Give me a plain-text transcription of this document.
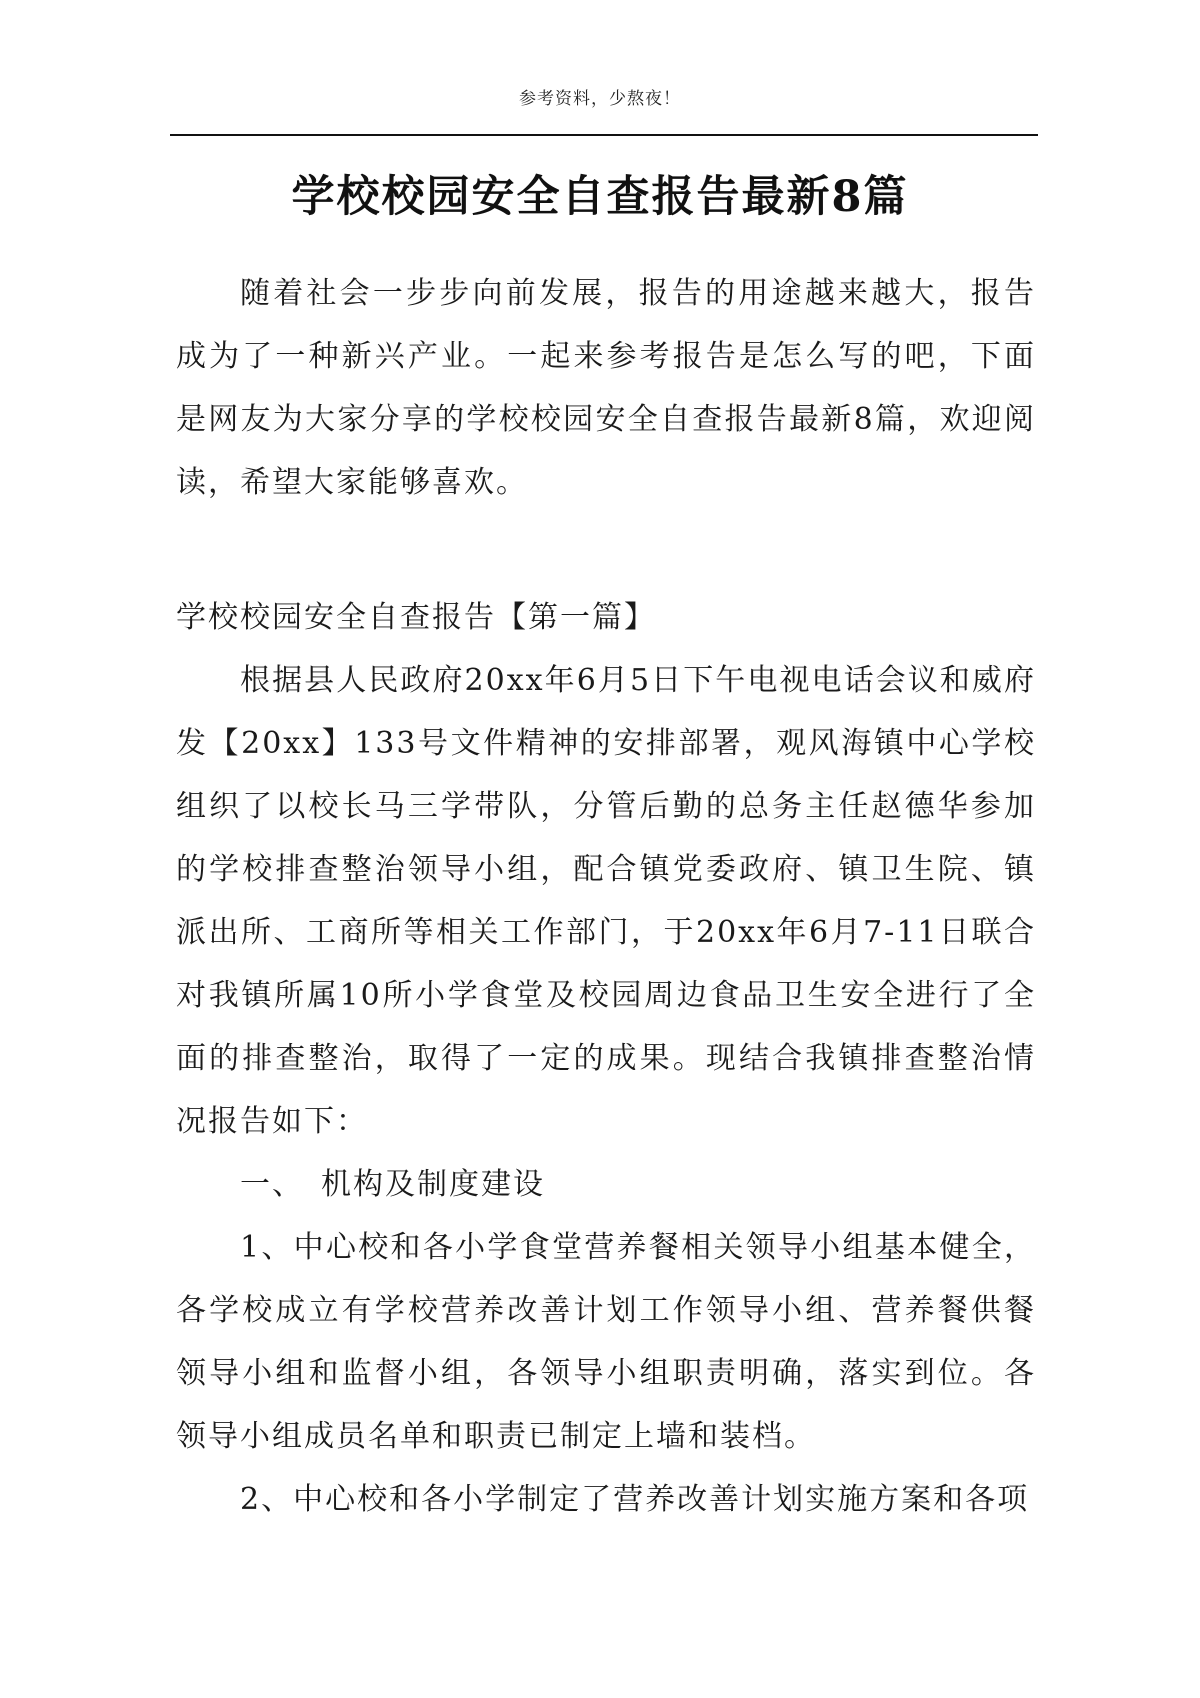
参考资料，少熬夜！
学校校园安全自查报告最新8篇

随着社会一步步向前发展，报告的用途越来越大，报告成为了一种新兴产业。一起来参考报告是怎么写的吧，下面是网友为大家分享的学校校园安全自查报告最新8篇，欢迎阅读，希望大家能够喜欢。

学校校园安全自查报告【第一篇】

根据县人民政府20xx年6月5日下午电视电话会议和威府发【20xx】133号文件精神的安排部署，观风海镇中心学校组织了以校长马三学带队，分管后勤的总务主任赵德华参加的学校排查整治领导小组，配合镇党委政府、镇卫生院、镇派出所、工商所等相关工作部门，于20xx年6月7-11日联合对我镇所属10所小学食堂及校园周边食品卫生安全进行了全面的排查整治，取得了一定的成果。现结合我镇排查整治情况报告如下：

一、　机构及制度建设

1、中心校和各小学食堂营养餐相关领导小组基本健全，各学校成立有学校营养改善计划工作领导小组、营养餐供餐领导小组和监督小组，各领导小组职责明确，落实到位。各领导小组成员名单和职责已制定上墙和装档。

2、中心校和各小学制定了营养改善计划实施方案和各项
